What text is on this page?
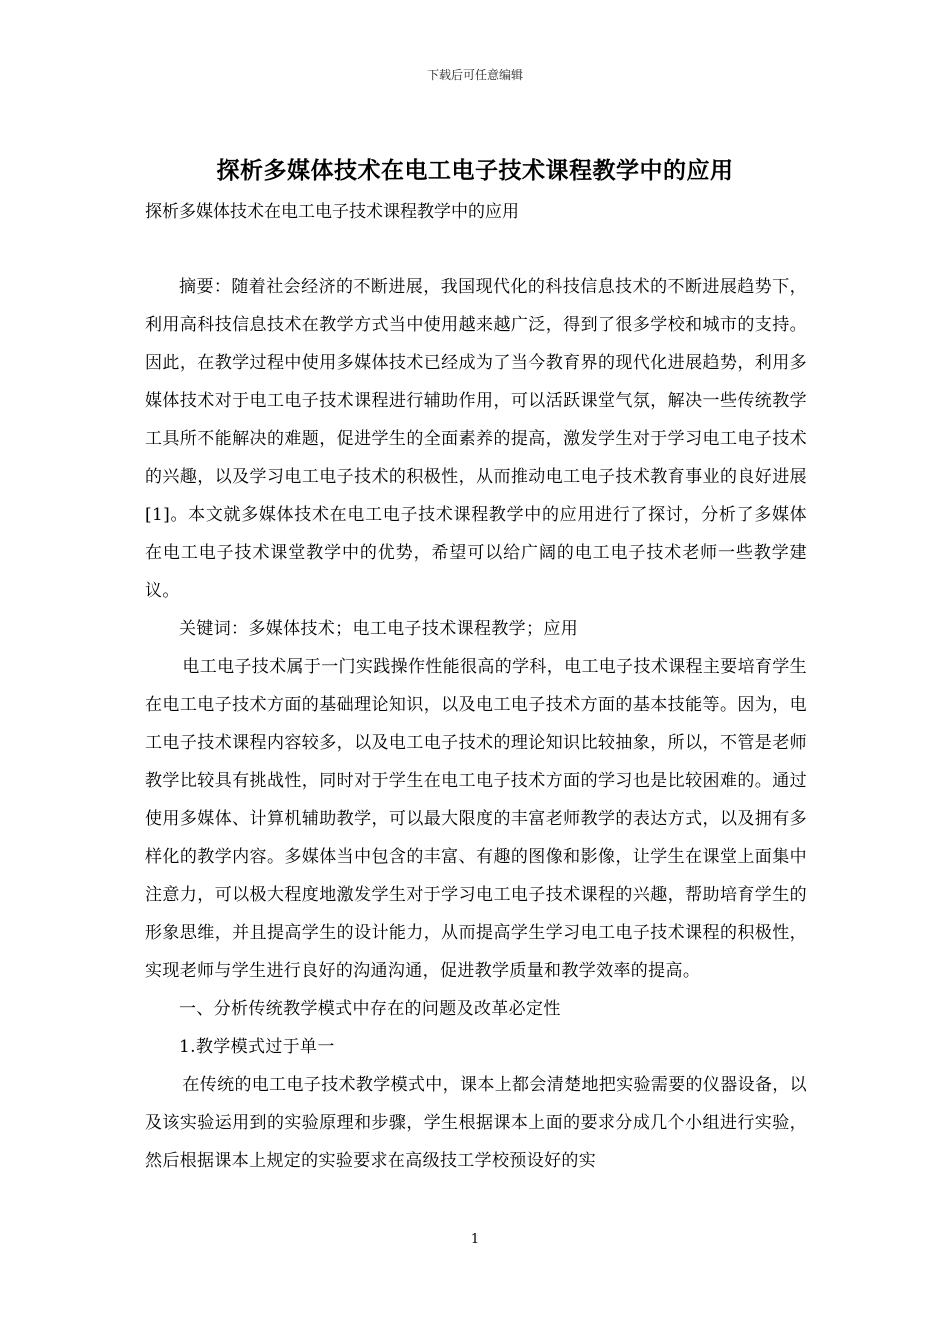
下载后可任意编辑
探析多媒体技术在电工电子技术课程教学中的应用
探析多媒体技术在电工电子技术课程教学中的应用

摘要：随着社会经济的不断进展，我国现代化的科技信息技术的不断进展趋势下，利用高科技信息技术在教学方式当中使用越来越广泛，得到了很多学校和城市的支持。因此，在教学过程中使用多媒体技术已经成为了当今教育界的现代化进展趋势，利用多媒体技术对于电工电子技术课程进行辅助作用，可以活跃课堂气氛，解决一些传统教学工具所不能解决的难题，促进学生的全面素养的提高，激发学生对于学习电工电子技术的兴趣，以及学习电工电子技术的积极性，从而推动电工电子技术教育事业的良好进展[1]。本文就多媒体技术在电工电子技术课程教学中的应用进行了探讨，分析了多媒体在电工电子技术课堂教学中的优势，希望可以给广阔的电工电子技术老师一些教学建议。

关键词：多媒体技术；电工电子技术课程教学；应用

电工电子技术属于一门实践操作性能很高的学科，电工电子技术课程主要培育学生在电工电子技术方面的基础理论知识，以及电工电子技术方面的基本技能等。因为，电工电子技术课程内容较多，以及电工电子技术的理论知识比较抽象，所以，不管是老师教学比较具有挑战性，同时对于学生在电工电子技术方面的学习也是比较困难的。通过使用多媒体、计算机辅助教学，可以最大限度的丰富老师教学的表达方式，以及拥有多样化的教学内容。多媒体当中包含的丰富、有趣的图像和影像，让学生在课堂上面集中注意力，可以极大程度地激发学生对于学习电工电子技术课程的兴趣，帮助培育学生的形象思维，并且提高学生的设计能力，从而提高学生学习电工电子技术课程的积极性，实现老师与学生进行良好的沟通沟通，促进教学质量和教学效率的提高。

一、分析传统教学模式中存在的问题及改革必定性

1.教学模式过于单一

在传统的电工电子技术教学模式中，课本上都会清楚地把实验需要的仪器设备，以及该实验运用到的实验原理和步骤，学生根据课本上面的要求分成几个小组进行实验，然后根据课本上规定的实验要求在高级技工学校预设好的实

1
